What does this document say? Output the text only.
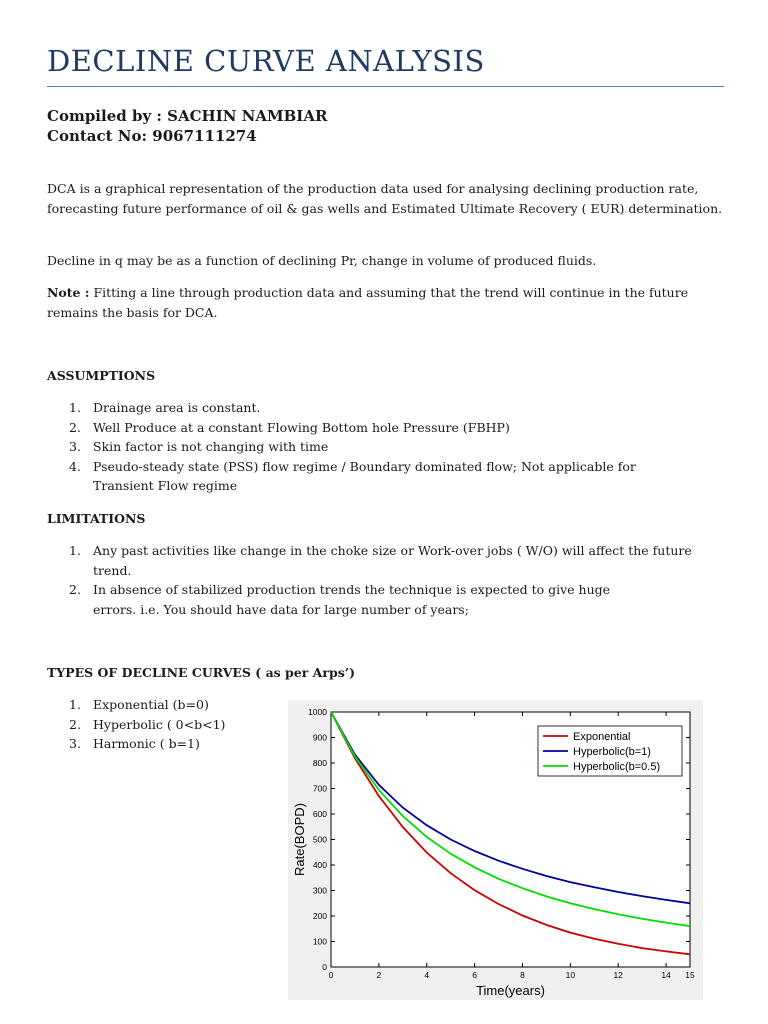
DECLINE CURVE ANALYSIS
Compiled by : SACHIN NAMBIAR
Contact No: 9067111274
DCA is a graphical representation of the production data used for analysing declining production rate, forecasting future performance of oil & gas wells and Estimated Ultimate Recovery ( EUR) determination.
Decline in q may be as a function of declining Pr, change in volume of produced fluids.
Note : Fitting a line through production data and assuming that the trend will continue in the future remains the basis for DCA.
ASSUMPTIONS
1. Drainage area is constant.
2. Well Produce at a constant Flowing Bottom hole Pressure (FBHP)
3. Skin factor is not changing with time
4. Pseudo-steady state (PSS) flow regime / Boundary dominated flow; Not applicable for Transient Flow regime
LIMITATIONS
1. Any past activities like change in the choke size or Work-over jobs ( W/O) will affect the future trend.
2. In absence of stabilized production trends the technique is expected to give huge errors. i.e. You should have data for large number of years;
TYPES OF DECLINE CURVES ( as per Arps’)
1. Exponential (b=0)
2. Hyperbolic ( 0<b<1)
3. Harmonic ( b=1)
0
100
200
300
400
500
600
700
800
900
1000
0	2	4	6	8	10	12	14 15
Time(years)
Rate(BOPD)
Exponential
Hyperbolic(b=1)
Hyperbolic(b=0.5)
